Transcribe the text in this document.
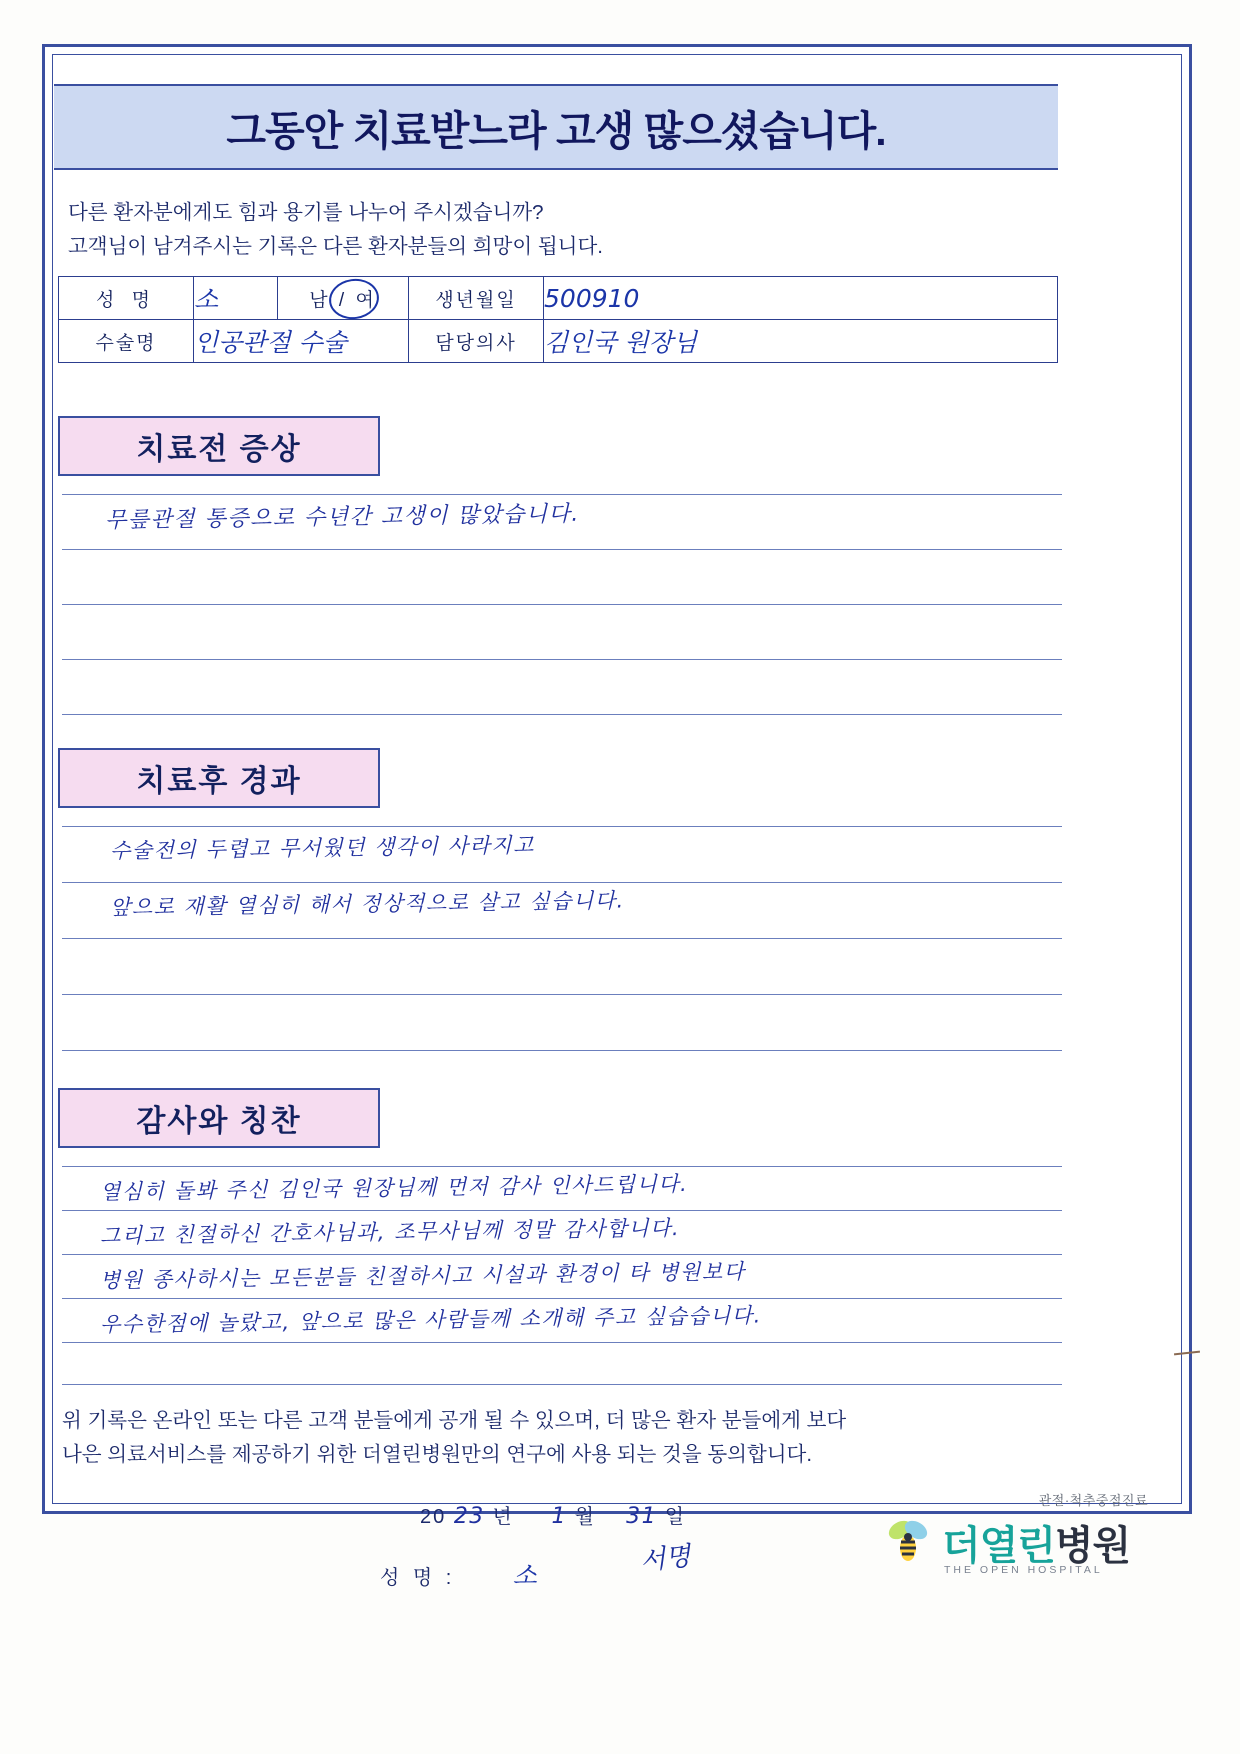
그동안 치료받느라 고생 많으셨습니다.
다른 환자분에게도 힘과 용기를 나누어 주시겠습니까?
고객님이 남겨주시는 기록은 다른 환자분들의 희망이 됩니다.
성 명	소	남 / 여	생년월일	500910
수술명	인공관절 수술		담당의사	김인국 원장님
치료전 증상
무릎관절 통증으로 수년간 고생이 많았습니다.
치료후 경과
수술전의 두렵고 무서웠던 생각이 사라지고
앞으로 재활 열심히 해서 정상적으로 살고 싶습니다.
감사와 칭찬
열심히 돌봐 주신 김인국 원장님께 먼저 감사 인사드립니다.
그리고 친절하신 간호사님과, 조무사님께 정말 감사합니다.
병원 종사하시는 모든분들 친절하시고 시설과 환경이 타 병원보다
우수한점에 놀랐고, 앞으로 많은 사람들께 소개해 주고 싶습습니다.
위 기록은 온라인 또는 다른 고객 분들에게 공개 될 수 있으며, 더 많은 환자 분들에게 보다
나은 의료서비스를 제공하기 위한 더열린병원만의 연구에 사용 되는 것을 동의합니다.
20 23 년 1 월 31 일
성 명 : 소	서명
관절·척추중점진료
더열린병원
THE OPEN HOSPITAL
